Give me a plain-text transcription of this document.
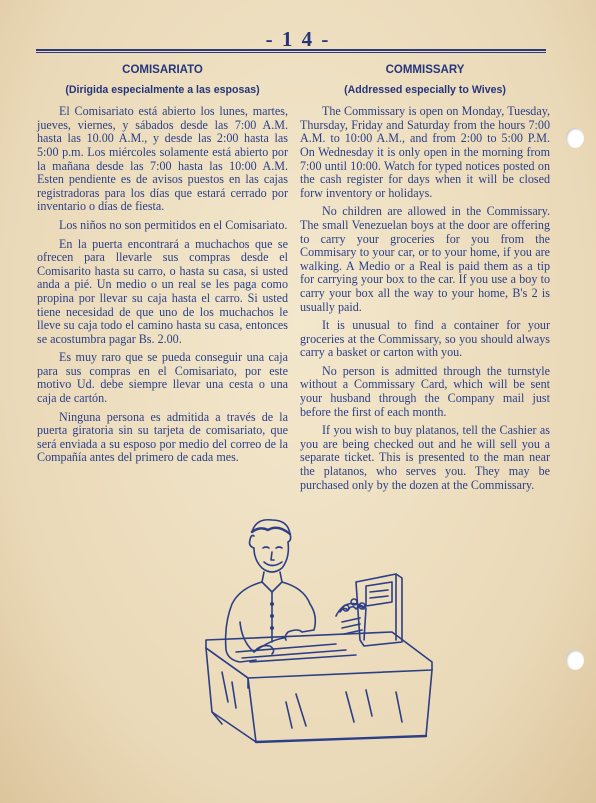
- 1 4 -
COMISARIATO
(Dirigida especialmente a las esposas)

El Comisariato está abierto los lunes, martes, jueves, viernes, y sábados desde las 7:00 A.M. hasta las 10.00 A.M., y desde las 2:00 hasta las 5:00 p.m. Los miércoles solamente está abierto por la mañana desde las 7:00 hasta las 10:00 A.M. Esten pendiente es de avisos puestos en las cajas registradoras para los días que estará cerrado por inventario o días de fiesta.

Los niños no son permitidos en el Comisariato.

En la puerta encontrará a muchachos que se ofrecen para llevarle sus compras desde el Comisarito hasta su carro, o hasta su casa, si usted anda a pié. Un medio o un real se les paga como propina por llevar su caja hasta el carro. Si usted tiene necesidad de que uno de los muchachos le lleve su caja todo el camino hasta su casa, entonces se acostumbra pagar Bs. 2.00.

Es muy raro que se pueda conseguir una caja para sus compras en el Comisariato, por este motivo Ud. debe siempre llevar una cesta o una caja de cartón.

Ninguna persona es admitida a través de la puerta giratoria sin su tarjeta de comisariato, que será enviada a su esposo por medio del correo de la Compañía antes del primero de cada mes.

COMMISSARY
(Addressed especially to Wives)

The Commissary is open on Monday, Tuesday, Thursday, Friday and Saturday from the hours 7:00 A.M. to 10:00 A.M., and from 2:00 to 5:00 P.M. On Wednesday it is only open in the morning from 7:00 until 10:00. Watch for typed notices posted on the cash register for days when it will be closed forw inventory or holidays.

No children are allowed in the Commissary. The small Venezuelan boys at the door are offering to carry your groceries for you from the Commisary to your car, or to your home, if you are walking. A Medio or a Real is paid them as a tip for carrying your box to the car. If you use a boy to carry your box all the way to your home, B's 2 is usually paid.

It is unusual to find a container for your groceries at the Commissary, so you should always carry a basket or carton with you.

No person is admitted through the turnstyle without a Commissary Card, which will be sent your husband through the Company mail just before the first of each month.

If you wish to buy platanos, tell the Cashier as you are being checked out and he will sell you a separate ticket. This is presented to the man near the platanos, who serves you. They may be purchased only by the dozen at the Commissary.
